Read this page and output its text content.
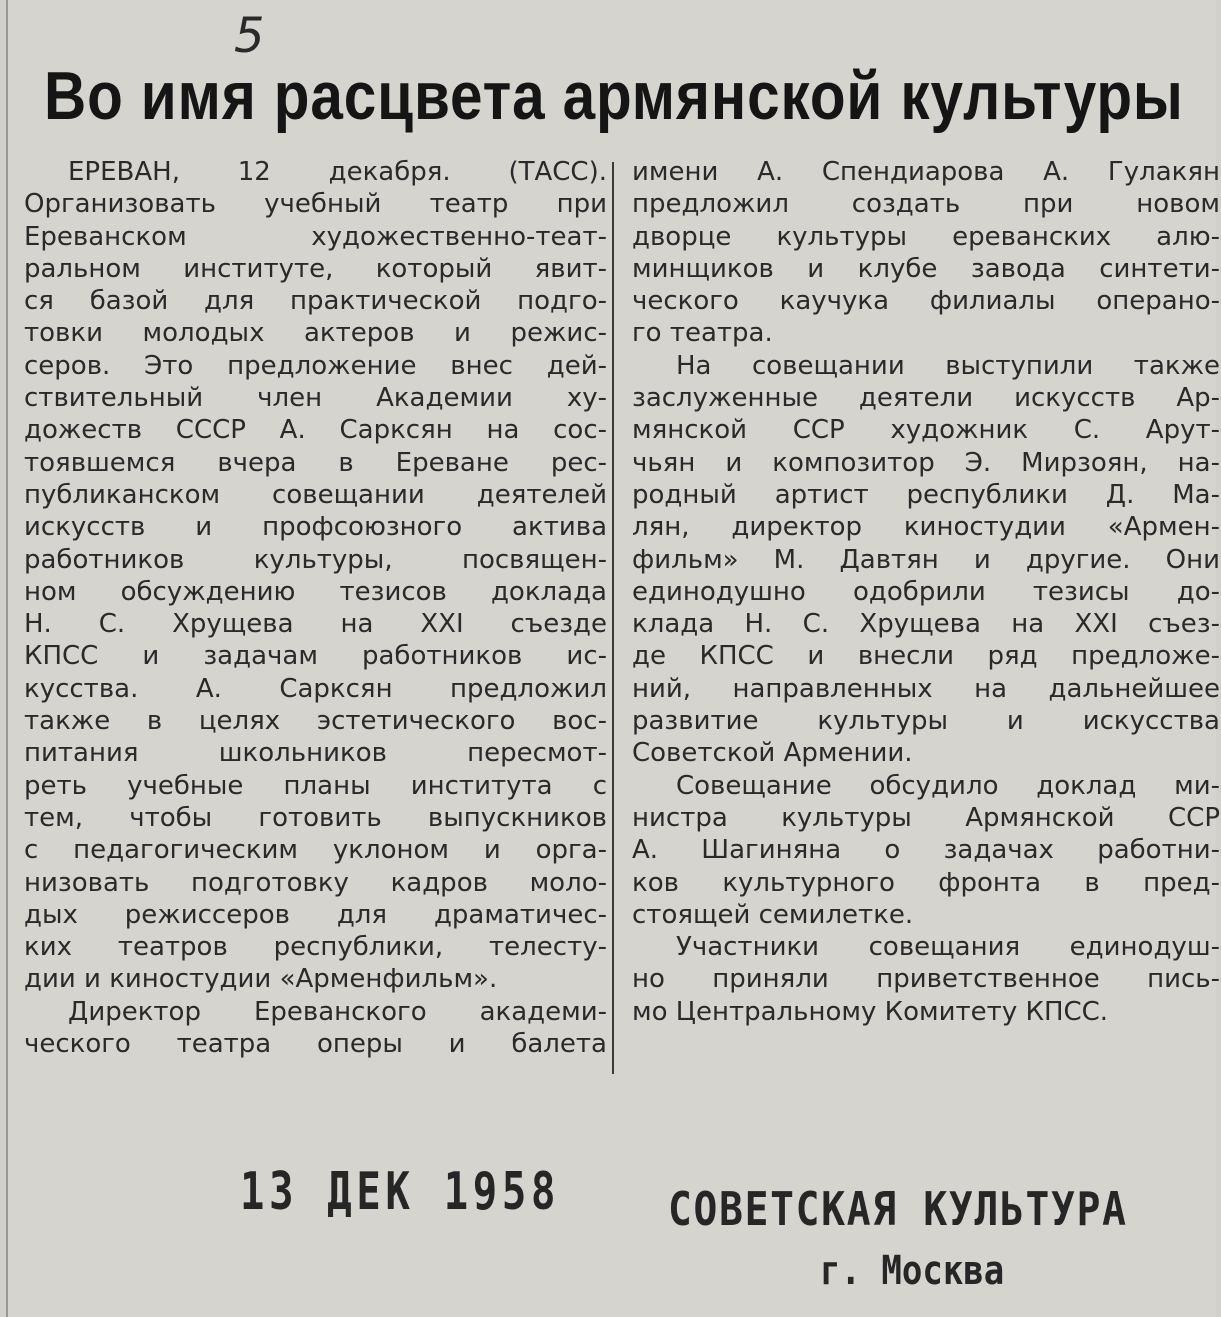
5
Во имя расцвета армянской культуры
ЕРЕВАН, 12 декабря. (ТАСС).
Организовать учебный театр при
Ереванском художественно-теат-
ральном институте, который явит-
ся базой для практической подго-
товки молодых актеров и режис-
серов. Это предложение внес дей-
ствительный член Академии ху-
дожеств СССР А. Сарксян на сос-
тоявшемся вчера в Ереване рес-
публиканском совещании деятелей
искусств и профсоюзного актива
работников культуры, посвящен-
ном обсуждению тезисов доклада
Н. С. Хрущева на XXI съезде
КПСС и задачам работников ис-
кусства. А. Сарксян предложил
также в целях эстетического вос-
питания школьников пересмот-
реть учебные планы института с
тем, чтобы готовить выпускников
с педагогическим уклоном и орга-
низовать подготовку кадров моло-
дых режиссеров для драматичес-
ких театров республики, телесту-
дии и киностудии «Арменфильм».
Директор Ереванского академи-
ческого театра оперы и балета
имени А. Спендиарова А. Гулакян
предложил создать при новом
дворце культуры ереванских алю-
минщиков и клубе завода синтети-
ческого каучука филиалы операно-
го театра.
На совещании выступили также
заслуженные деятели искусств Ар-
мянской ССР художник С. Арут-
чьян и композитор Э. Мирзоян, на-
родный артист республики Д. Ма-
лян, директор киностудии «Армен-
фильм» М. Давтян и другие. Они
единодушно одобрили тезисы до-
клада Н. С. Хрущева на XXI съез-
де КПСС и внесли ряд предложе-
ний, направленных на дальнейшее
развитие культуры и искусства
Советской Армении.
Совещание обсудило доклад ми-
нистра культуры Армянской ССР
А. Шагиняна о задачах работни-
ков культурного фронта в пред-
стоящей семилетке.
Участники совещания единодуш-
но приняли приветственное пись-
мо Центральному Комитету КПСС.
13 ДЕК 1958 СОВЕТСКАЯ КУЛЬТУРА
г. Москва
